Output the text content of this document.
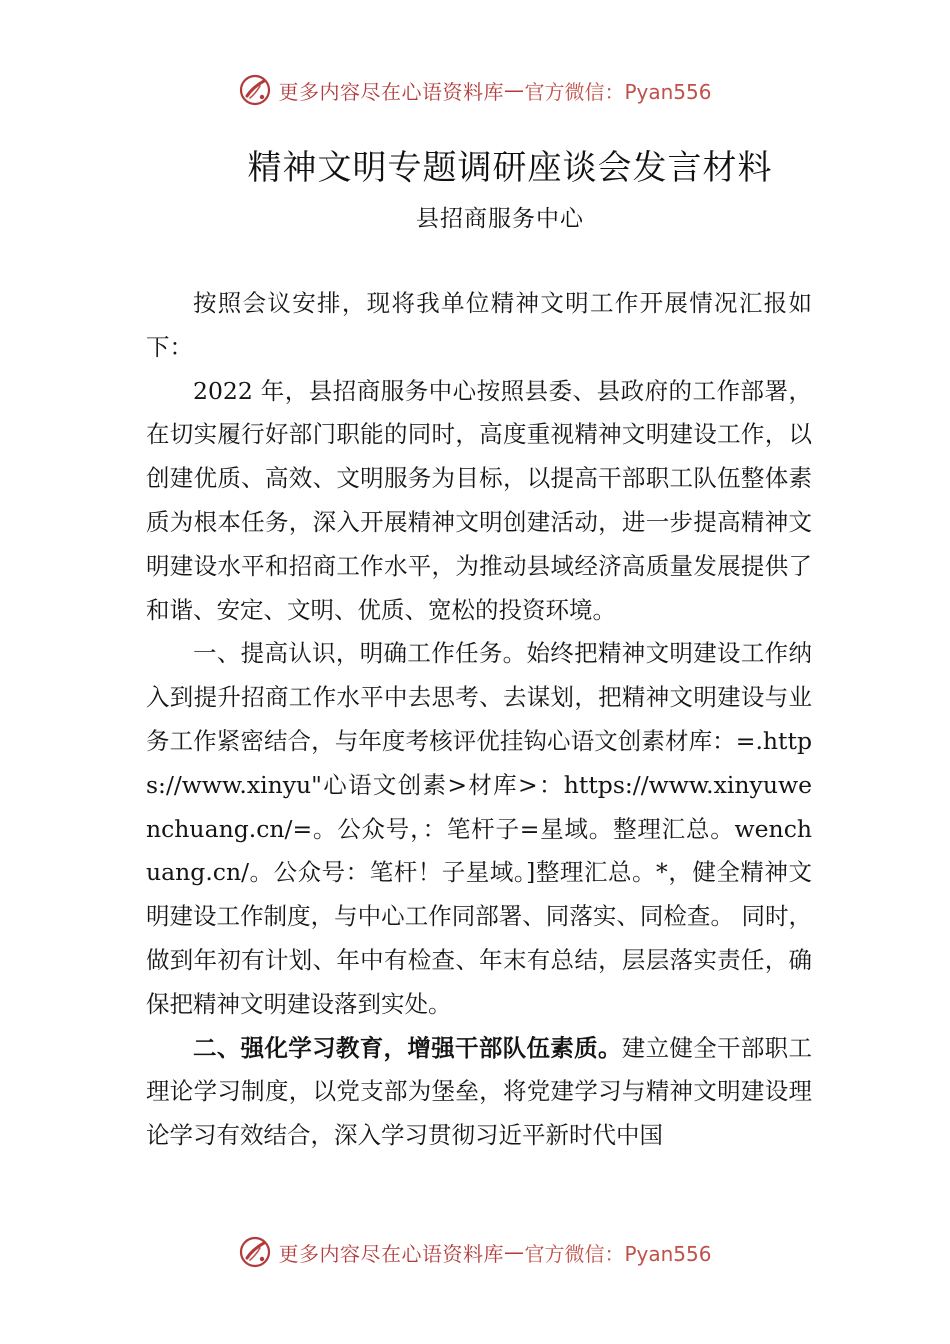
更多内容尽在心语资料库 — 官方微信：Pyan556
精神文明专题调研座谈会发言材料
县招商服务中心

按照会议安排，现将我单位精神文明工作开展情况汇报如下：

2022 年，县招商服务中心按照县委、县政府的工作部署，在切实履行好部门职能的同时，高度重视精神文明建设工作，以创建优质、高效、文明服务为目标，以提高干部职工队伍整体素质为根本任务，深入开展精神文明创建活动，进一步提高精神文明建设水平和招商工作水平，为推动县域经济高质量发展提供了和谐、安定、文明、优质、宽松的投资环境。

一、提高认识，明确工作任务。始终把精神文明建设工作纳入到提升招商工作水平中去思考、去谋划，把精神文明建设与业务工作紧密结合，与年度考核评优挂钩心语文创素材库：=.https://www.xinyu"心语文创素>材库>：https://www.xinyuwenchuang.cn/=。公众号，：笔杆子=星域。整理汇总。wenchuang.cn/。公众号：笔杆！子星域。]整理汇总。*，健全精神文明建设工作制度，与中心工作同部署、同落实、同检查。 同时，做到年初有计划、年中有检查、年末有总结，层层落实责任，确保把精神文明建设落到实处。

二、强化学习教育，增强干部队伍素质。建立健全干部职工理论学习制度，以党支部为堡垒，将党建学习与精神文明建设理论学习有效结合，深入学习贯彻习近平新时代中国

更多内容尽在心语资料库 — 官方微信：Pyan556
